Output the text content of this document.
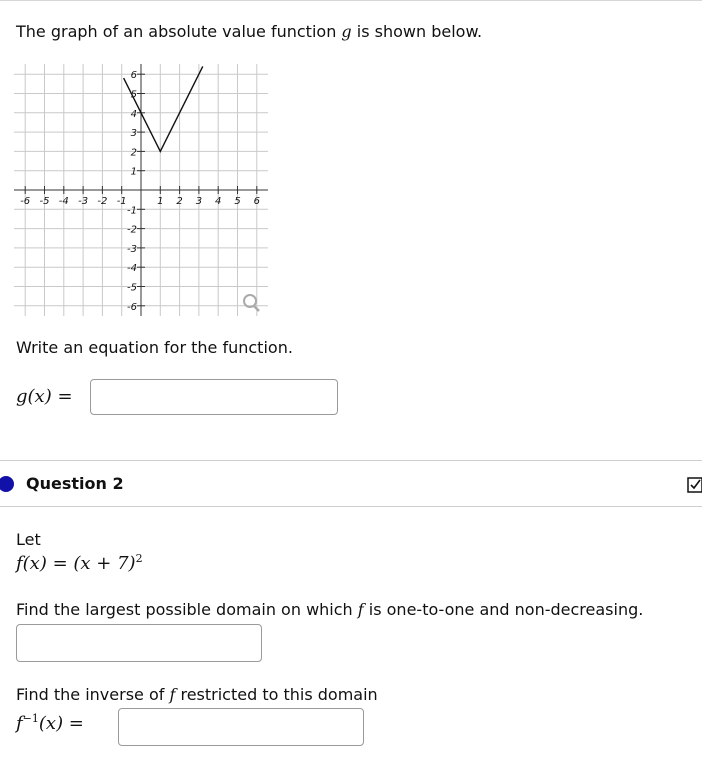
The graph of an absolute value function g is shown below.
-6 -5 -4 -3 -2 -1	1 2 3 4 5 6
1
2
3
4
5
6
-1
-2
-3
-4
-5
-6
Write an equation for the function.
g(x) =
Question 2
Let
$f(x) = (x + 7)^2$
Find the largest possible domain on which f is one-to-one and non-decreasing.
Find the inverse of f restricted to this domain
$f^{-1}(x)$ =
